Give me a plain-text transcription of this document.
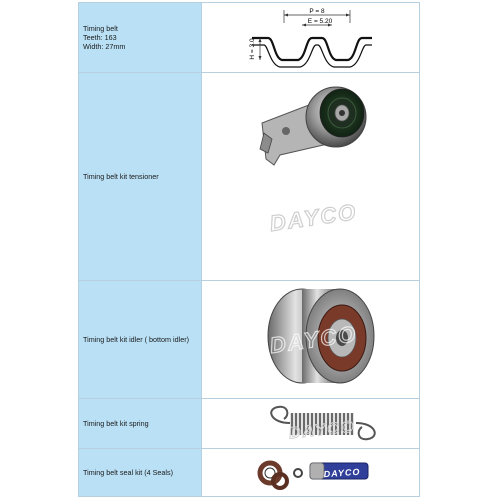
Timing belt
Teeth: 163
Width: 27mm	P = 8
E = 5.20
H = 3.0

Timing belt kit tensioner	DAYCO

Timing belt kit idler ( bottom idler)	DAYCO

Timing belt kit spring	DAYCO

Timing belt seal kit (4 Seals)	DAYCO
